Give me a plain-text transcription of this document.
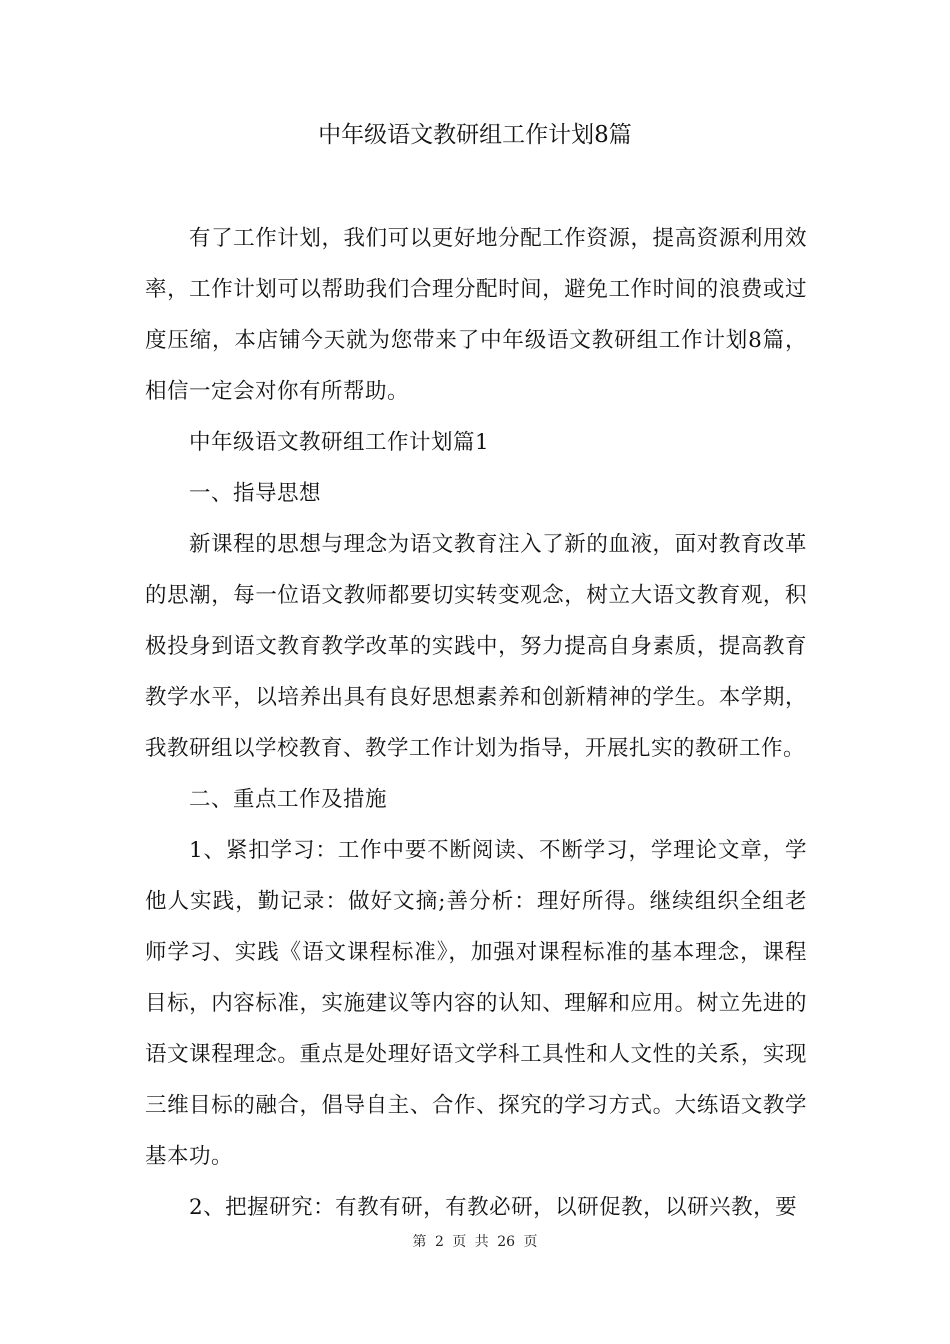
中年级语文教研组工作计划8篇

有了工作计划，我们可以更好地分配工作资源，提高资源利用效率，工作计划可以帮助我们合理分配时间，避免工作时间的浪费或过度压缩，本店铺今天就为您带来了中年级语文教研组工作计划8篇，相信一定会对你有所帮助。

中年级语文教研组工作计划篇1

一、指导思想

新课程的思想与理念为语文教育注入了新的血液，面对教育改革的思潮，每一位语文教师都要切实转变观念，树立大语文教育观，积极投身到语文教育教学改革的实践中，努力提高自身素质，提高教育教学水平，以培养出具有良好思想素养和创新精神的学生。本学期，我教研组以学校教育、教学工作计划为指导，开展扎实的教研工作。

二、重点工作及措施

1、紧扣学习：工作中要不断阅读、不断学习，学理论文章，学他人实践，勤记录：做好文摘;善分析：理好所得。继续组织全组老师学习、实践《语文课程标准》，加强对课程标准的基本理念，课程目标，内容标准，实施建议等内容的认知、理解和应用。树立先进的语文课程理念。重点是处理好语文学科工具性和人文性的关系，实现三维目标的融合，倡导自主、合作、探究的学习方式。大练语文教学基本功。

2、把握研究：有教有研，有教必研，以研促教，以研兴教，要

第 2 页 共 26 页
